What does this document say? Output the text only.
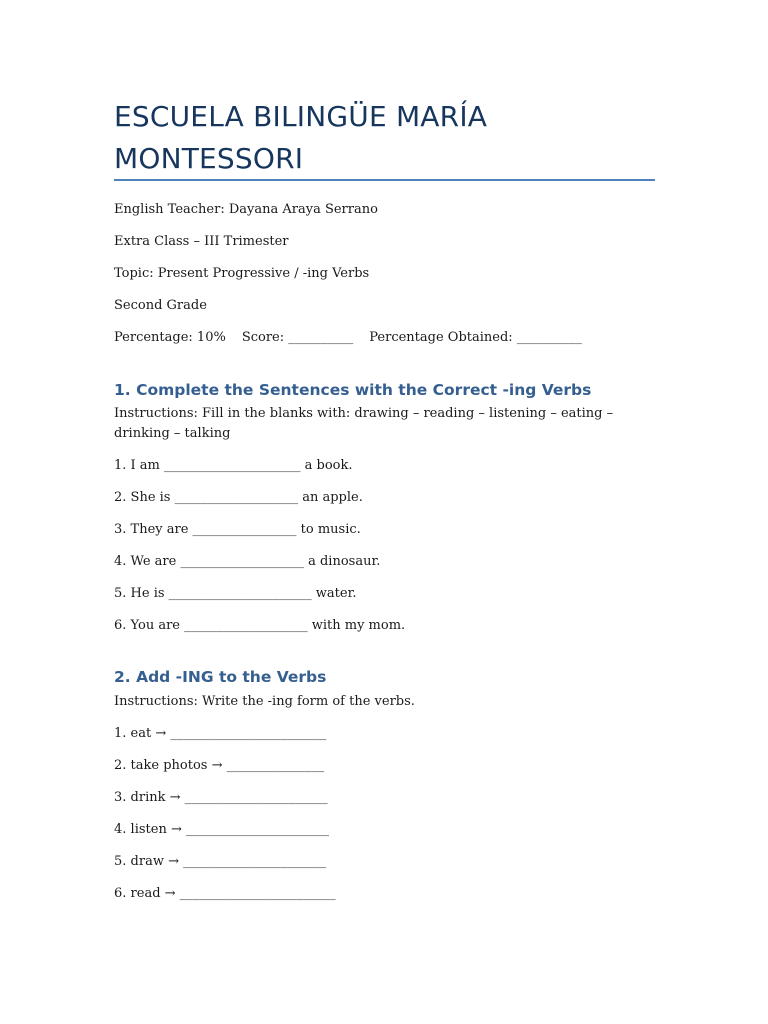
ESCUELA BILINGÜE MARÍA MONTESSORI

English Teacher: Dayana Araya Serrano

Extra Class – III Trimester

Topic: Present Progressive / -ing Verbs

Second Grade

Percentage: 10% Score: __________ Percentage Obtained: __________

1. Complete the Sentences with the Correct -ing Verbs

Instructions: Fill in the blanks with: drawing – reading – listening – eating – drinking – talking

1. I am _____________________ a book.

2. She is ___________________ an apple.

3. They are ________________ to music.

4. We are ___________________ a dinosaur.

5. He is ______________________ water.

6. You are ___________________ with my mom.

2. Add -ING to the Verbs

Instructions: Write the -ing form of the verbs.

1. eat → ________________________

2. take photos → _______________

3. drink → ______________________

4. listen → ______________________

5. draw → ______________________

6. read → ________________________
